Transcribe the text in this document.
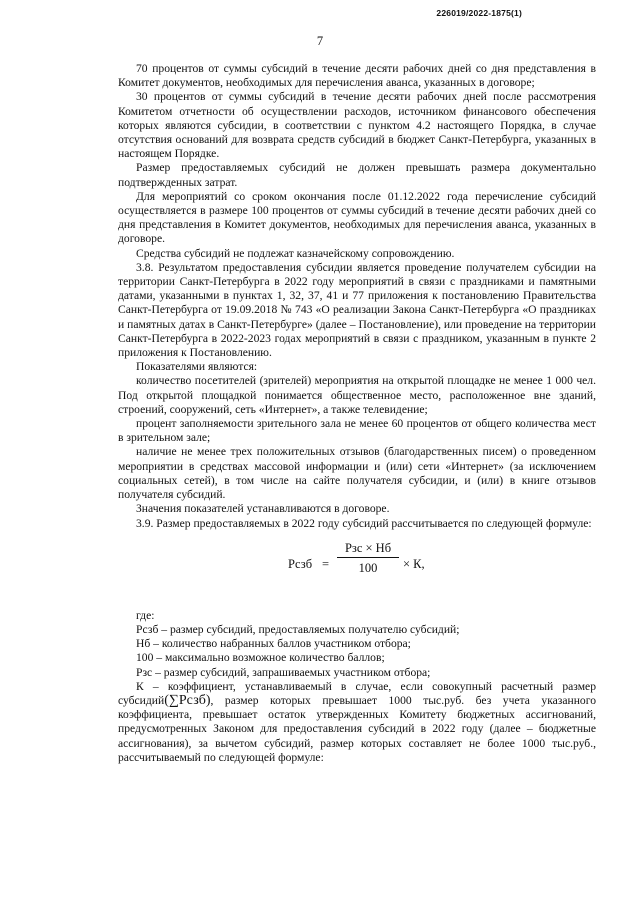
226019/2022-1875(1)
7

70 процентов от суммы субсидий в течение десяти рабочих дней со дня представления в Комитет документов, необходимых для перечисления аванса, указанных в договоре;

30 процентов от суммы субсидий в течение десяти рабочих дней после рассмотрения Комитетом отчетности об осуществлении расходов, источником финансового обеспечения которых являются субсидии, в соответствии с пунктом 4.2 настоящего Порядка, в случае отсутствия оснований для возврата средств субсидий в бюджет Санкт-Петербурга, указанных в настоящем Порядке.

Размер предоставляемых субсидий не должен превышать размера документально подтвержденных затрат.

Для мероприятий со сроком окончания после 01.12.2022 года перечисление субсидий осуществляется в размере 100 процентов от суммы субсидий в течение десяти рабочих дней со дня представления в Комитет документов, необходимых для перечисления аванса, указанных в договоре.

Средства субсидий не подлежат казначейскому сопровождению.

3.8. Результатом предоставления субсидии является проведение получателем субсидии на территории Санкт-Петербурга в 2022 году мероприятий в связи с праздниками и памятными датами, указанными в пунктах 1, 32, 37, 41 и 77 приложения к постановлению Правительства Санкт-Петербурга от 19.09.2018 № 743 «О реализации Закона Санкт-Петербурга «О праздниках и памятных датах в Санкт-Петербурге» (далее – Постановление), или проведение на территории Санкт-Петербурга в 2022-2023 годах мероприятий в связи с праздником, указанным в пункте 2 приложения к Постановлению.

Показателями являются:

количество посетителей (зрителей) мероприятия на открытой площадке не менее 1 000 чел. Под открытой площадкой понимается общественное место, расположенное вне зданий, строений, сооружений, сеть «Интернет», а также телевидение;

процент заполняемости зрительного зала не менее 60 процентов от общего количества мест в зрительном зале;

наличие не менее трех положительных отзывов (благодарственных писем) о проведенном мероприятии в средствах массовой информации и (или) сети «Интернет» (за исключением социальных сетей), в том числе на сайте получателя субсидии, и (или) в книге отзывов получателя субсидий.

Значения показателей устанавливаются в договоре.

3.9. Размер предоставляемых в 2022 году субсидий рассчитывается по следующей формуле:

Рсзб =
Рзс × Нб
100	× К,

где:

Рсзб – размер субсидий, предоставляемых получателю субсидий;

Нб – количество набранных баллов участником отбора;

100 – максимально возможное количество баллов;

Рзс – размер субсидий, запрашиваемых участником отбора;

К – коэффициент, устанавливаемый в случае, если совокупный расчетный размер субсидий(∑Рсзб), размер которых превышает 1000 тыс.руб. без учета указанного коэффициента, превышает остаток утвержденных Комитету бюджетных ассигнований, предусмотренных Законом для предоставления субсидий в 2022 году (далее – бюджетные ассигнования), за вычетом субсидий, размер которых составляет не более 1000 тыс.руб., рассчитываемый по следующей формуле:
